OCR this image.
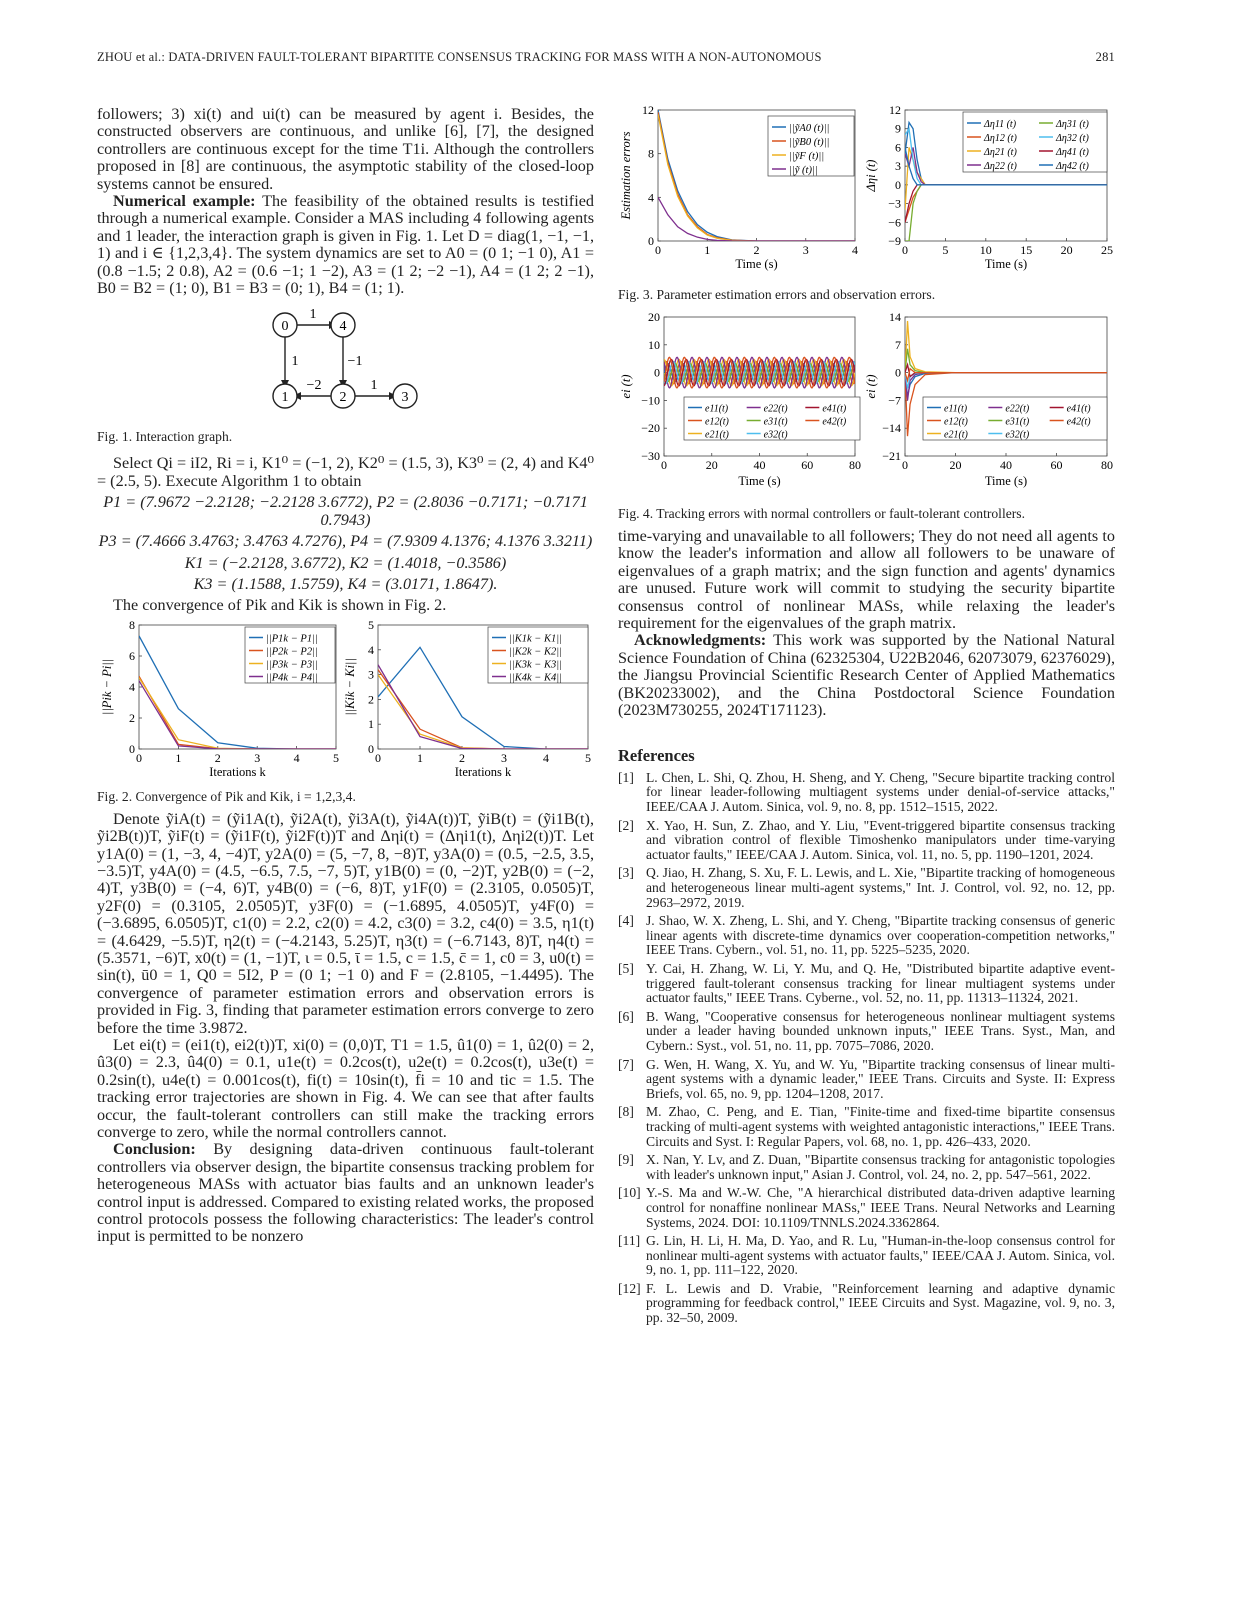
ZHOU et al.: DATA-DRIVEN FAULT-TOLERANT BIPARTITE CONSENSUS TRACKING FOR MASS WITH A NON-AUTONOMOUS	281

followers; 3) xi(t) and ui(t) can be measured by agent i. Besides, the constructed observers are continuous, and unlike [6], [7], the designed controllers are continuous except for the time T1i. Although the controllers proposed in [8] are continuous, the asymptotic stability of the closed-loop systems cannot be ensured.

Numerical example: The feasibility of the obtained results is testified through a numerical example. Consider a MAS including 4 following agents and 1 leader, the interaction graph is given in Fig. 1. Let D = diag(1, −1, −1, 1) and i ∈ {1,2,3,4}. The system dynamics are set to A0 = (0 1; −1 0), A1 = (0.8 −1.5; 2 0.8), A2 = (0.6 −1; 1 −2), A3 = (1 2; −2 −1), A4 = (1 2; 2 −1), B0 = B2 = (1; 0), B1 = B3 = (0; 1), B4 = (1; 1).

0	4
1	2	3
1
1	−1
−2	1

Fig. 1. Interaction graph.

Select Qi = iI2, Ri = i, K1⁰ = (−1, 2), K2⁰ = (1.5, 3), K3⁰ = (2, 4) and K4⁰ = (2.5, 5). Execute Algorithm 1 to obtain

P1 = (7.9672 −2.2128; −2.2128 3.6772), P2 = (2.8036 −0.7171; −0.7171 0.7943)

P3 = (7.4666 3.4763; 3.4763 4.7276), P4 = (7.9309 4.1376; 4.1376 3.3211)

K1 = (−2.2128, 3.6772), K2 = (1.4018, −0.3586)

K3 = (1.1588, 1.5759), K4 = (3.0171, 1.8647).

The convergence of Pik and Kik is shown in Fig. 2.

0	1	2	3	4	5
0
2
4
6
8
Iterations k
||Pik − Pi||
||P1k − P1||
||P2k − P2||
||P3k − P3||
||P4k − P4||
0	1	2	3	4	5
0
1
2
3
4
5
Iterations k
||Kik − Ki||
||K1k − K1||
||K2k − K2||
||K3k − K3||
||K4k − K4||

Fig. 2. Convergence of Pik and Kik, i = 1,2,3,4.

Denote ỹiA(t) = (ỹi1A(t), ỹi2A(t), ỹi3A(t), ỹi4A(t))T, ỹiB(t) = (ỹi1B(t), ỹi2B(t))T, ỹiF(t) = (ỹi1F(t), ỹi2F(t))T and Δηi(t) = (Δηi1(t), Δηi2(t))T. Let y1A(0) = (1, −3, 4, −4)T, y2A(0) = (5, −7, 8, −8)T, y3A(0) = (0.5, −2.5, 3.5, −3.5)T, y4A(0) = (4.5, −6.5, 7.5, −7, 5)T, y1B(0) = (0, −2)T, y2B(0) = (−2, 4)T, y3B(0) = (−4, 6)T, y4B(0) = (−6, 8)T, y1F(0) = (2.3105, 0.0505)T, y2F(0) = (0.3105, 2.0505)T, y3F(0) = (−1.6895, 4.0505)T, y4F(0) = (−3.6895, 6.0505)T, c1(0) = 2.2, c2(0) = 4.2, c3(0) = 3.2, c4(0) = 3.5, η1(t) = (4.6429, −5.5)T, η2(t) = (−4.2143, 5.25)T, η3(t) = (−6.7143, 8)T, η4(t) = (5.3571, −6)T, x0(t) = (1, −1)T, ι = 0.5, ῑ = 1.5, c = 1.5, c̄ = 1, c0 = 3, u0(t) = sin(t), ū0 = 1, Q0 = 5I2, P = (0 1; −1 0) and F = (2.8105, −1.4495). The convergence of parameter estimation errors and observation errors is provided in Fig. 3, finding that parameter estimation errors converge to zero before the time 3.9872.

Let ei(t) = (ei1(t), ei2(t))T, xi(0) = (0,0)T, T1 = 1.5, û1(0) = 1, û2(0) = 2, û3(0) = 2.3, û4(0) = 0.1, u1e(t) = 0.2cos(t), u2e(t) = 0.2cos(t), u3e(t) = 0.2sin(t), u4e(t) = 0.001cos(t), fi(t) = 10sin(t), f̄i = 10 and tic = 1.5. The tracking error trajectories are shown in Fig. 4. We can see that after faults occur, the fault-tolerant controllers can still make the tracking errors converge to zero, while the normal controllers cannot.

Conclusion: By designing data-driven continuous fault-tolerant controllers via observer design, the bipartite consensus tracking problem for heterogeneous MASs with actuator bias faults and an unknown leader's control input is addressed. Compared to existing related works, the proposed control protocols possess the following characteristics: The leader's control input is permitted to be nonzero

0	1	2	3	4
0
4
8
12
Time (s)
Estimation errors
||ỹA0 (t)||
||ỹB0 (t)||
||ỹF (t)||
||ỹ (t)||
0	5	10 15 20 25
−9
−6
−3
0
3
6
9
12
Time (s)
Δηi (t)
Δη11 (t)
Δη12 (t)
Δη21 (t)
Δη22 (t)
Δη31 (t)
Δη32 (t)
Δη41 (t)
Δη42 (t)

Fig. 3. Parameter estimation errors and observation errors.

0	20	40	60	80
−30
−20
−10
0
10
20
Time (s)
ei (t)
e11(t)
e12(t)
e21(t)
e22(t)
e31(t)
e32(t)
e41(t)
e42(t)
0	20	40	60	80
−21
−14
−7
0
7
14
Time (s)
ei (t)
e11(t)
e12(t)
e21(t)
e22(t)
e31(t)
e32(t)
e41(t)
e42(t)

Fig. 4. Tracking errors with normal controllers or fault-tolerant controllers.

time-varying and unavailable to all followers; They do not need all agents to know the leader's information and allow all followers to be unaware of eigenvalues of a graph matrix; and the sign function and agents' dynamics are unused. Future work will commit to studying the security bipartite consensus control of nonlinear MASs, while relaxing the leader's requirement for the eigenvalues of the graph matrix.

Acknowledgments: This work was supported by the National Natural Science Foundation of China (62325304, U22B2046, 62073079, 62376029), the Jiangsu Provincial Scientific Research Center of Applied Mathematics (BK20233002), and the China Postdoctoral Science Foundation (2023M730255, 2024T171123).

References
[1] L. Chen, L. Shi, Q. Zhou, H. Sheng, and Y. Cheng, "Secure bipartite tracking control for linear leader-following multiagent systems under denial-of-service attacks," IEEE/CAA J. Autom. Sinica, vol. 9, no. 8, pp. 1512–1515, 2022.
[2] X. Yao, H. Sun, Z. Zhao, and Y. Liu, "Event-triggered bipartite consensus tracking and vibration control of flexible Timoshenko manipulators under time-varying actuator faults," IEEE/CAA J. Autom. Sinica, vol. 11, no. 5, pp. 1190–1201, 2024.
[3] Q. Jiao, H. Zhang, S. Xu, F. L. Lewis, and L. Xie, "Bipartite tracking of homogeneous and heterogeneous linear multi-agent systems," Int. J. Control, vol. 92, no. 12, pp. 2963–2972, 2019.
[4] J. Shao, W. X. Zheng, L. Shi, and Y. Cheng, "Bipartite tracking consensus of generic linear agents with discrete-time dynamics over cooperation-competition networks," IEEE Trans. Cybern., vol. 51, no. 11, pp. 5225–5235, 2020.
[5] Y. Cai, H. Zhang, W. Li, Y. Mu, and Q. He, "Distributed bipartite adaptive event-triggered fault-tolerant consensus tracking for linear multiagent systems under actuator faults," IEEE Trans. Cyberne., vol. 52, no. 11, pp. 11313–11324, 2021.
[6] B. Wang, "Cooperative consensus for heterogeneous nonlinear multiagent systems under a leader having bounded unknown inputs," IEEE Trans. Syst., Man, and Cybern.: Syst., vol. 51, no. 11, pp. 7075–7086, 2020.
[7] G. Wen, H. Wang, X. Yu, and W. Yu, "Bipartite tracking consensus of linear multi-agent systems with a dynamic leader," IEEE Trans. Circuits and Syste. II: Express Briefs, vol. 65, no. 9, pp. 1204–1208, 2017.
[8] M. Zhao, C. Peng, and E. Tian, "Finite-time and fixed-time bipartite consensus tracking of multi-agent systems with weighted antagonistic interactions," IEEE Trans. Circuits and Syst. I: Regular Papers, vol. 68, no. 1, pp. 426–433, 2020.
[9] X. Nan, Y. Lv, and Z. Duan, "Bipartite consensus tracking for antagonistic topologies with leader's unknown input," Asian J. Control, vol. 24, no. 2, pp. 547–561, 2022.
[10] Y.-S. Ma and W.-W. Che, "A hierarchical distributed data-driven adaptive learning control for nonaffine nonlinear MASs," IEEE Trans. Neural Networks and Learning Systems, 2024. DOI: 10.1109/TNNLS.2024.3362864.
[11] G. Lin, H. Li, H. Ma, D. Yao, and R. Lu, "Human-in-the-loop consensus control for nonlinear multi-agent systems with actuator faults," IEEE/CAA J. Autom. Sinica, vol. 9, no. 1, pp. 111–122, 2020.
[12] F. L. Lewis and D. Vrabie, "Reinforcement learning and adaptive dynamic programming for feedback control," IEEE Circuits and Syst. Magazine, vol. 9, no. 3, pp. 32–50, 2009.
